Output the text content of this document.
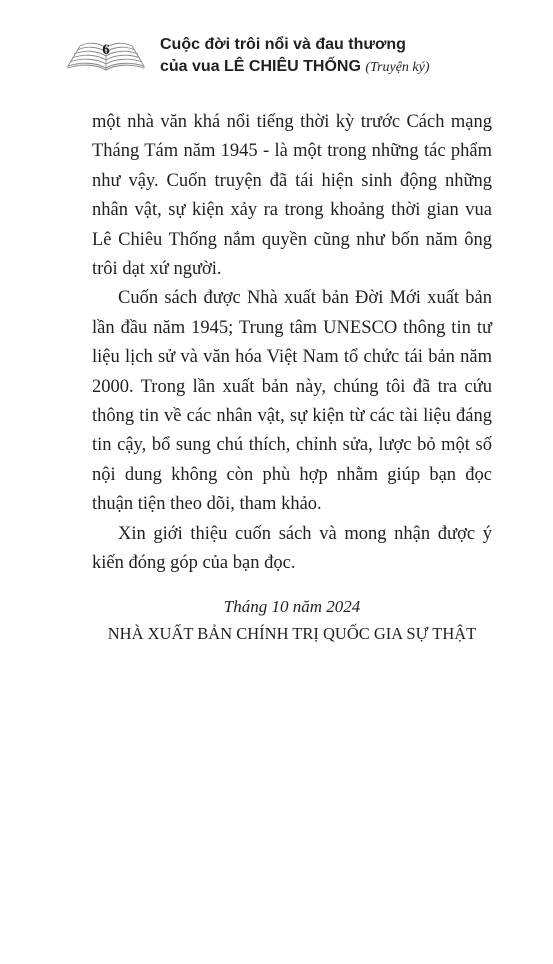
6	Cuộc đời trôi nổi và đau thương
của vua LÊ CHIÊU THỐNG (Truyện ký)

một nhà văn khá nổi tiếng thời kỳ trước Cách mạng Tháng Tám năm 1945 - là một trong những tác phẩm như vậy. Cuốn truyện đã tái hiện sinh động những nhân vật, sự kiện xảy ra trong khoảng thời gian vua Lê Chiêu Thống nắm quyền cũng như bốn năm ông trôi dạt xứ người.

Cuốn sách được Nhà xuất bản Đời Mới xuất bản lần đầu năm 1945; Trung tâm UNESCO thông tin tư liệu lịch sử và văn hóa Việt Nam tổ chức tái bản năm 2000. Trong lần xuất bản này, chúng tôi đã tra cứu thông tin về các nhân vật, sự kiện từ các tài liệu đáng tin cậy, bổ sung chú thích, chỉnh sửa, lược bỏ một số nội dung không còn phù hợp nhằm giúp bạn đọc thuận tiện theo dõi, tham khảo.

Xin giới thiệu cuốn sách và mong nhận được ý kiến đóng góp của bạn đọc.

Tháng 10 năm 2024
NHÀ XUẤT BẢN CHÍNH TRỊ QUỐC GIA SỰ THẬT
